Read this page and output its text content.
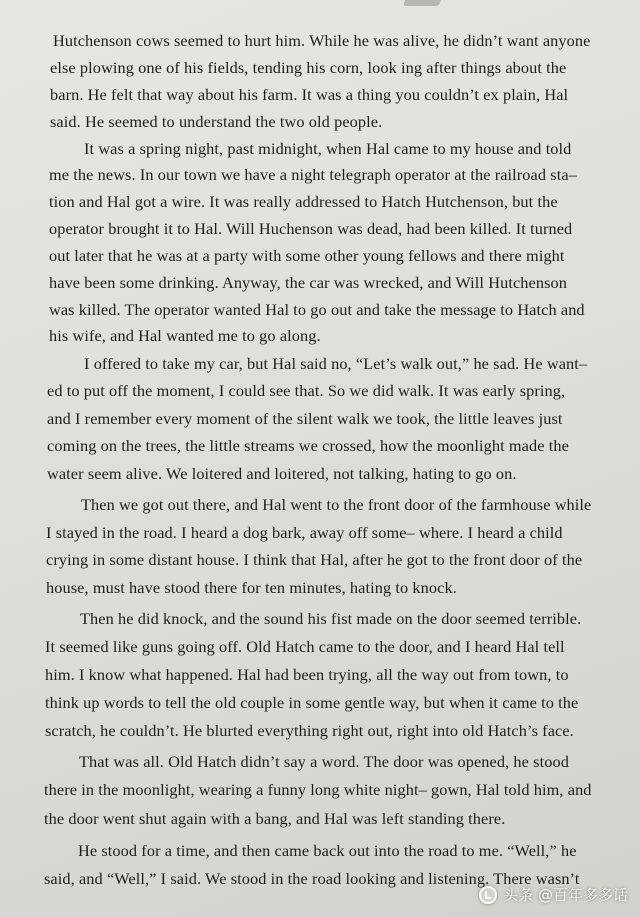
Hutchenson cows seemed to hurt him. While he was alive, he didn’t want anyone
else plowing one of his fields, tending his corn, look ing after things about the
barn. He felt that way about his farm. It was a thing you couldn’t ex plain, Hal
said. He seemed to understand the two old people.
It was a spring night, past midnight, when Hal came to my house and told
me the news. In our town we have a night telegraph operator at the railroad sta–
tion and Hal got a wire. It was really addressed to Hatch Hutchenson, but the
operator brought it to Hal. Will Huchenson was dead, had been killed. It turned
out later that he was at a party with some other young fellows and there might
have been some drinking. Anyway, the car was wrecked, and Will Hutchenson
was killed. The operator wanted Hal to go out and take the message to Hatch and
his wife, and Hal wanted me to go along.
I offered to take my car, but Hal said no, “Let’s walk out,” he sad. He want–
ed to put off the moment, I could see that. So we did walk. It was early spring,
and I remember every moment of the silent walk we took, the little leaves just
coming on the trees, the little streams we crossed, how the moonlight made the
water seem alive. We loitered and loitered, not talking, hating to go on.
Then we got out there, and Hal went to the front door of the farmhouse while
I stayed in the road. I heard a dog bark, away off some– where. I heard a child
crying in some distant house. I think that Hal, after he got to the front door of the
house, must have stood there for ten minutes, hating to knock.
Then he did knock, and the sound his fist made on the door seemed terrible.
It seemed like guns going off. Old Hatch came to the door, and I heard Hal tell
him. I know what happened. Hal had been trying, all the way out from town, to
think up words to tell the old couple in some gentle way, but when it came to the
scratch, he couldn’t. He blurted everything right out, right into old Hatch’s face.
That was all. Old Hatch didn’t say a word. The door was opened, he stood
there in the moonlight, wearing a funny long white night– gown, Hal told him, and
the door went shut again with a bang, and Hal was left standing there.
He stood for a time, and then came back out into the road to me. “Well,” he
said, and “Well,” I said. We stood in the road looking and listening. There wasn’t
头条 @百年多多话
